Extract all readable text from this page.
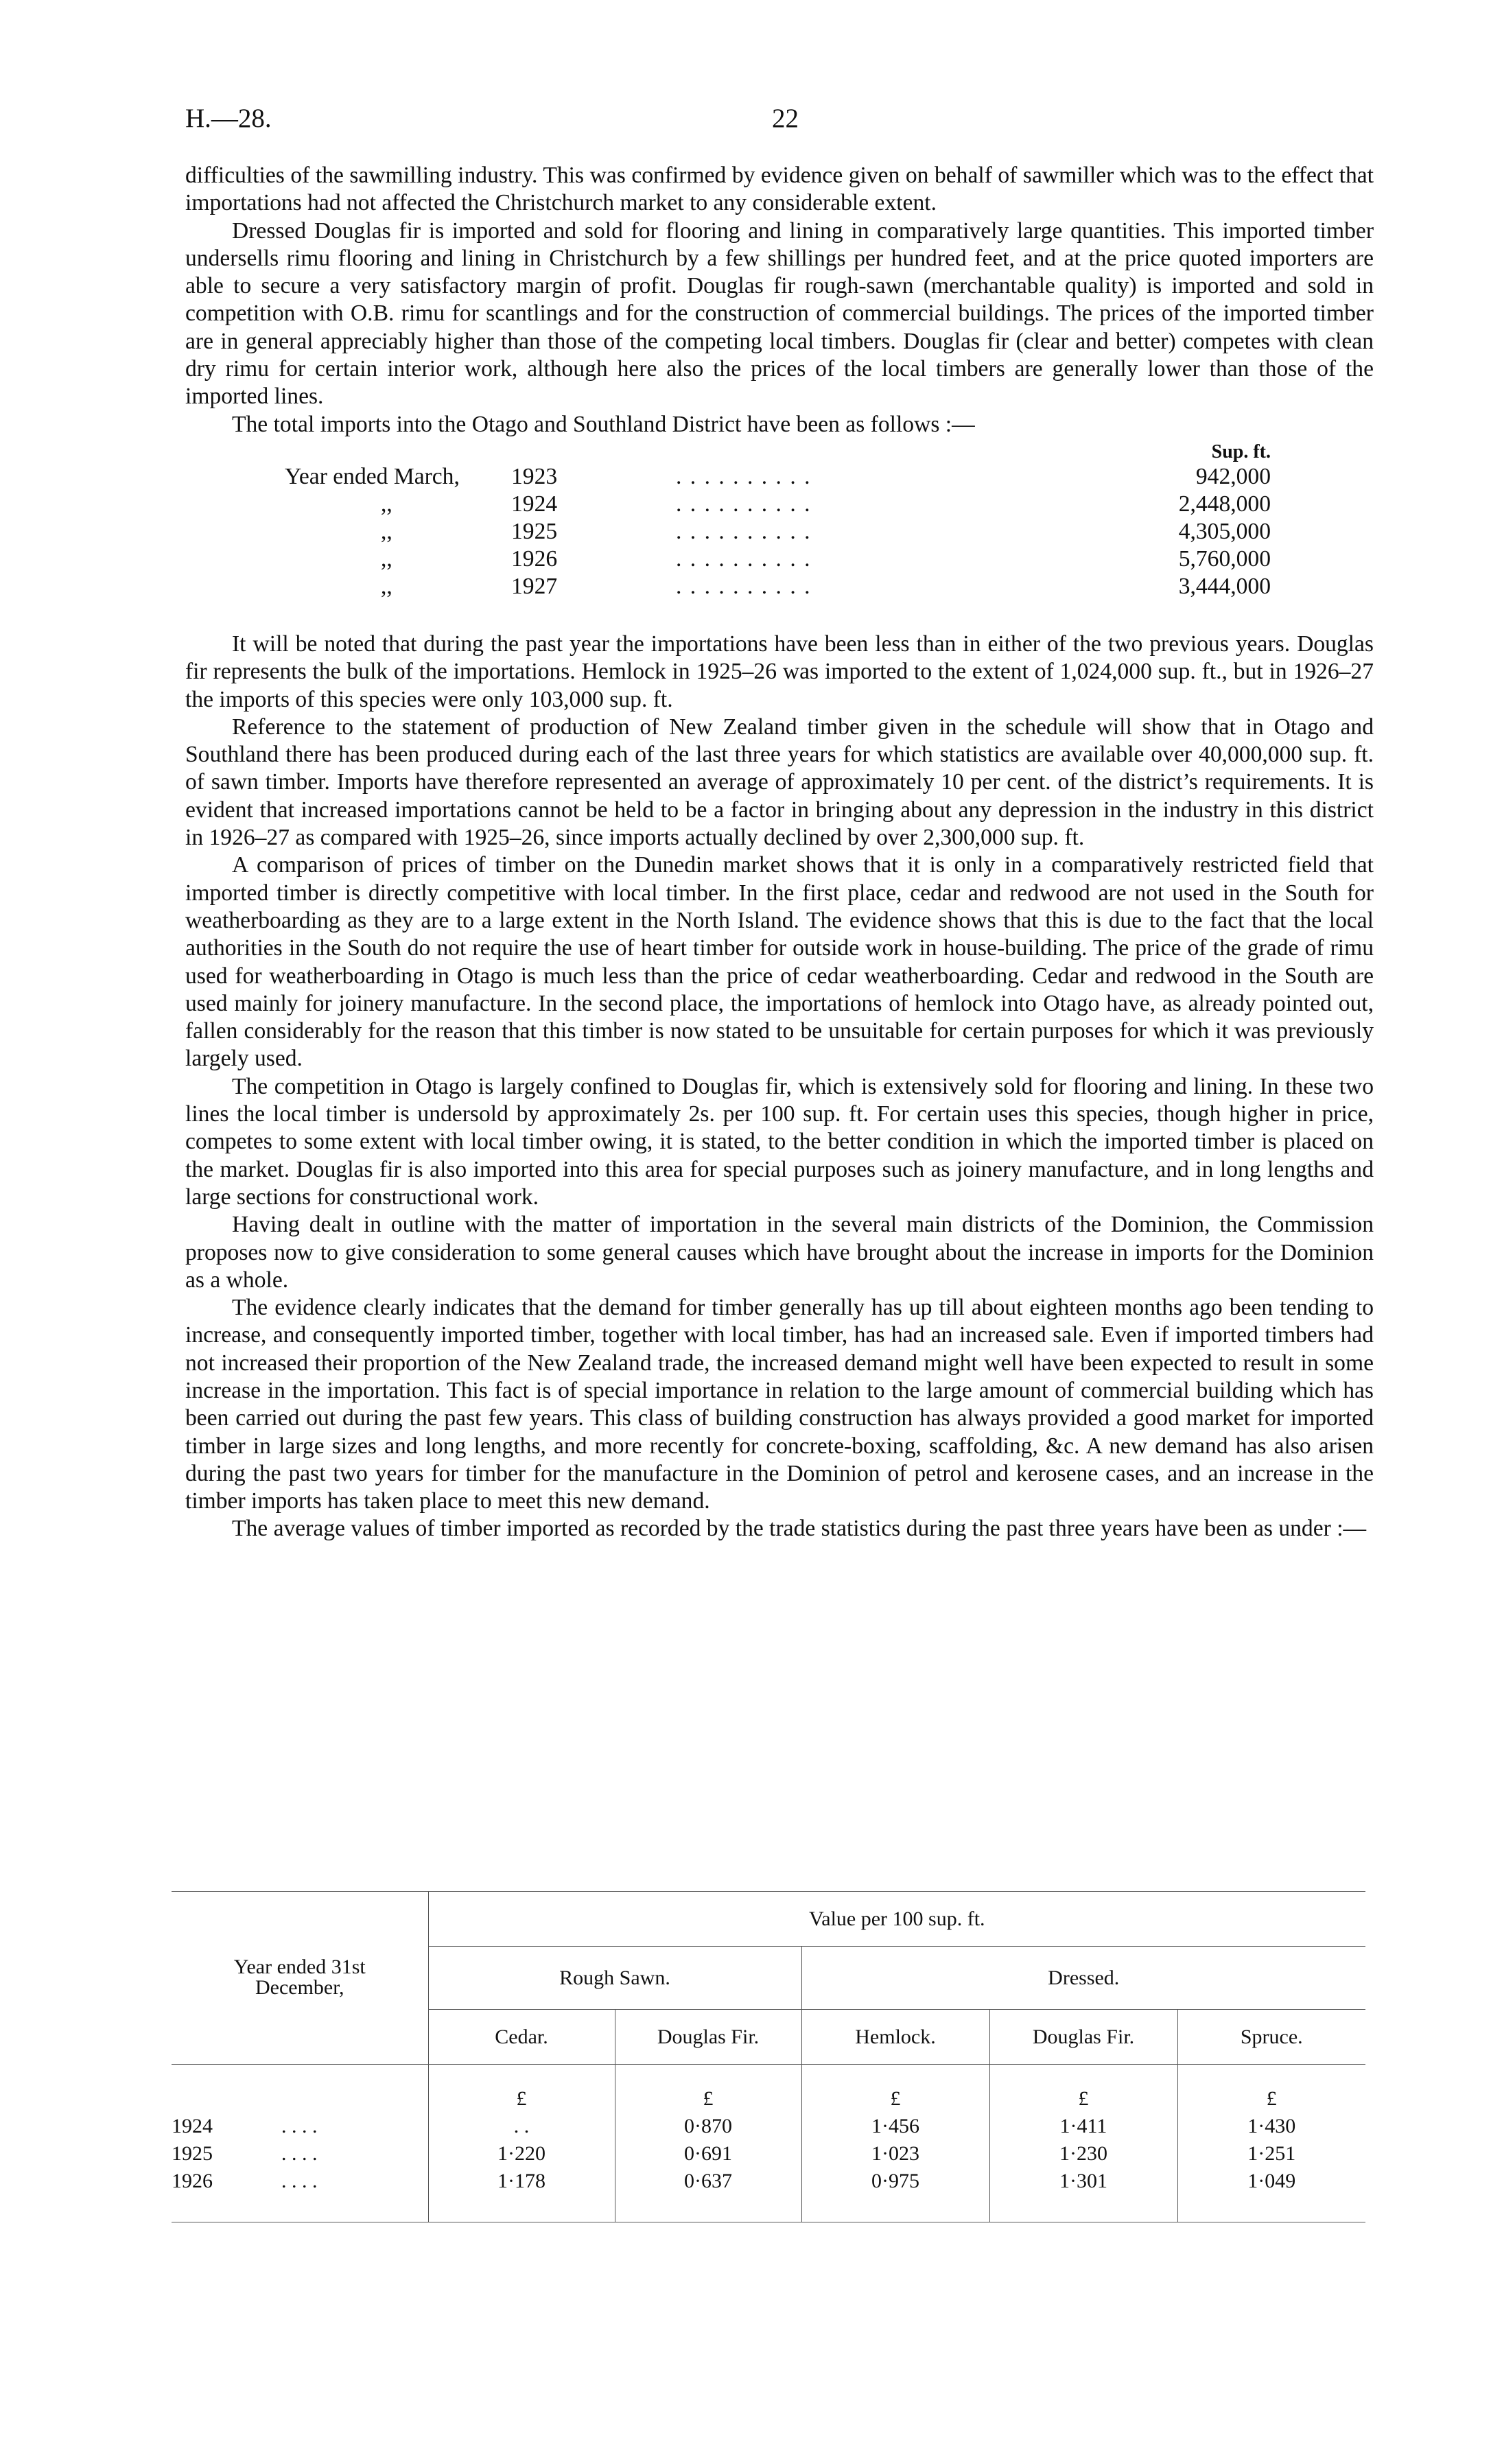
H.—28.	22

difficulties of the sawmilling industry. This was confirmed by evidence given on behalf of sawmiller which was to the effect that importations had not affected the Christchurch market to any considerable extent.

Dressed Douglas fir is imported and sold for flooring and lining in comparatively large quantities. This imported timber undersells rimu flooring and lining in Christchurch by a few shillings per hundred feet, and at the price quoted importers are able to secure a very satisfactory margin of profit. Douglas fir rough-sawn (merchantable quality) is imported and sold in competition with O.B. rimu for scantlings and for the construction of commercial buildings. The prices of the imported timber are in general appreciably higher than those of the competing local timbers. Douglas fir (clear and better) competes with clean dry rimu for certain interior work, although here also the prices of the local timbers are generally lower than those of the imported lines.

The total imports into the Otago and Southland District have been as follows :—

Sup. ft.
Year ended March, 1923	. . . . . . . . . .	942,000
,,	1924	. . . . . . . . . .	2,448,000
,,	1925	. . . . . . . . . .	4,305,000
,,	1926	. . . . . . . . . .	5,760,000
,,	1927	. . . . . . . . . .	3,444,000

It will be noted that during the past year the importations have been less than in either of the two previous years. Douglas fir represents the bulk of the importations. Hemlock in 1925–26 was imported to the extent of 1,024,000 sup. ft., but in 1926–27 the imports of this species were only 103,000 sup. ft.

Reference to the statement of production of New Zealand timber given in the schedule will show that in Otago and Southland there has been produced during each of the last three years for which statistics are available over 40,000,000 sup. ft. of sawn timber. Imports have therefore represented an average of approximately 10 per cent. of the district’s requirements. It is evident that increased importations cannot be held to be a factor in bringing about any depression in the industry in this district in 1926–27 as compared with 1925–26, since imports actually declined by over 2,300,000 sup. ft.

A comparison of prices of timber on the Dunedin market shows that it is only in a comparatively restricted field that imported timber is directly competitive with local timber. In the first place, cedar and redwood are not used in the South for weatherboarding as they are to a large extent in the North Island. The evidence shows that this is due to the fact that the local authorities in the South do not require the use of heart timber for outside work in house-building. The price of the grade of rimu used for weatherboarding in Otago is much less than the price of cedar weatherboarding. Cedar and redwood in the South are used mainly for joinery manufacture. In the second place, the importations of hemlock into Otago have, as already pointed out, fallen considerably for the reason that this timber is now stated to be unsuitable for certain purposes for which it was previously largely used.

The competition in Otago is largely confined to Douglas fir, which is extensively sold for flooring and lining. In these two lines the local timber is undersold by approximately 2s. per 100 sup. ft. For certain uses this species, though higher in price, competes to some extent with local timber owing, it is stated, to the better condition in which the imported timber is placed on the market. Douglas fir is also imported into this area for special purposes such as joinery manufacture, and in long lengths and large sections for constructional work.

Having dealt in outline with the matter of importation in the several main districts of the Dominion, the Commission proposes now to give consideration to some general causes which have brought about the increase in imports for the Dominion as a whole.

The evidence clearly indicates that the demand for timber generally has up till about eighteen months ago been tending to increase, and consequently imported timber, together with local timber, has had an increased sale. Even if imported timbers had not increased their proportion of the New Zealand trade, the increased demand might well have been expected to result in some increase in the importation. This fact is of special importance in relation to the large amount of commercial building which has been carried out during the past few years. This class of building construction has always provided a good market for imported timber in large sizes and long lengths, and more recently for concrete-boxing, scaffolding, &c. A new demand has also arisen during the past two years for timber for the manufacture in the Dominion of petrol and kerosene cases, and an increase in the timber imports has taken place to meet this new demand.

The average values of timber imported as recorded by the trade statistics during the past three years have been as under :—

Year ended 31st December,	Value per 100 sup. ft.				
	Rough Sawn.		Dressed.		
	Cedar.	Douglas Fir.	Hemlock.	Douglas Fir.	Spruce.

	£	£	£	£	£
1924 . . . .	. .	0·870	1·456	1·411	1·430
1925 . . . .	1·220	0·691	1·023	1·230	1·251
1926 . . . .	1·178	0·637	0·975	1·301	1·049
